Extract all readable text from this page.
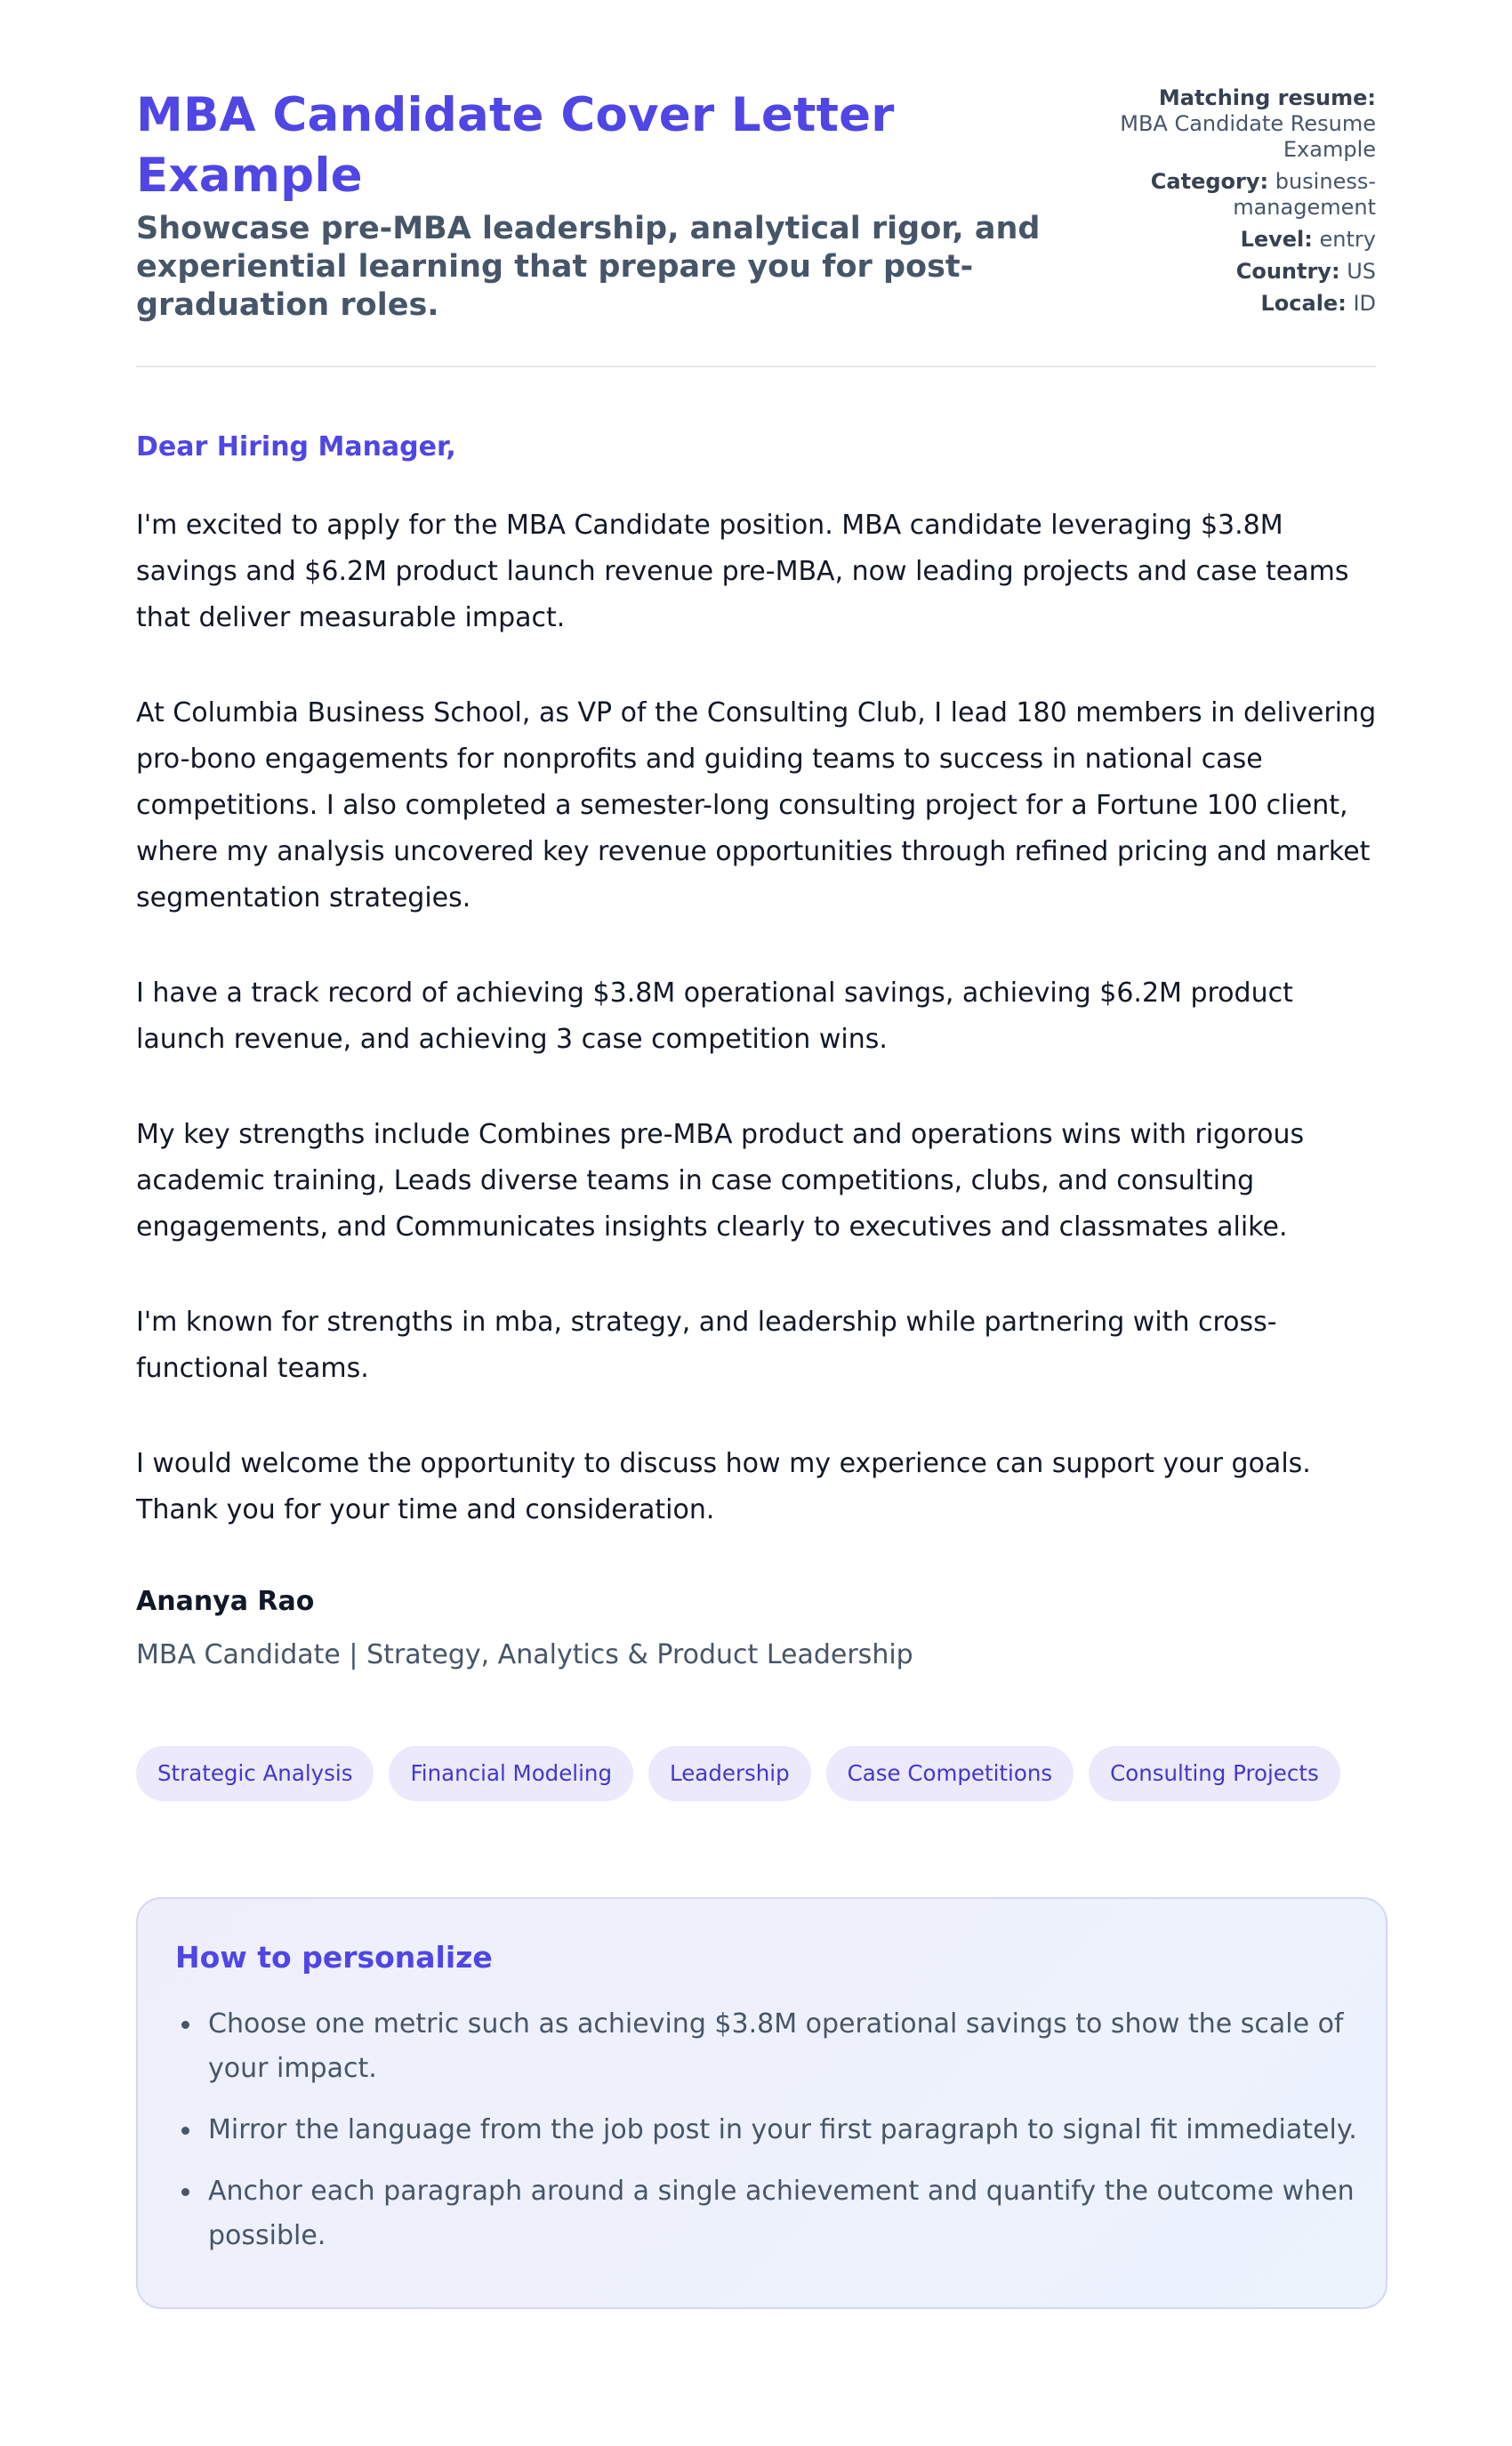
MBA Candidate Cover Letter Example
Showcase pre-MBA leadership, analytical rigor, and experiential learning that prepare you for post-graduation roles.
Matching resume: MBA Candidate Resume Example
Category: business-management
Level: entry
Country: US
Locale: ID

Dear Hiring Manager,

I'm excited to apply for the MBA Candidate position. MBA candidate leveraging $3.8M savings and $6.2M product launch revenue pre-MBA, now leading projects and case teams that deliver measurable impact.

At Columbia Business School, as VP of the Consulting Club, I lead 180 members in delivering pro-bono engagements for nonprofits and guiding teams to success in national case competitions. I also completed a semester-long consulting project for a Fortune 100 client, where my analysis uncovered key revenue opportunities through refined pricing and market segmentation strategies.

I have a track record of achieving $3.8M operational savings, achieving $6.2M product launch revenue, and achieving 3 case competition wins.

My key strengths include Combines pre-MBA product and operations wins with rigorous academic training, Leads diverse teams in case competitions, clubs, and consulting engagements, and Communicates insights clearly to executives and classmates alike.

I'm known for strengths in mba, strategy, and leadership while partnering with cross-functional teams.

I would welcome the opportunity to discuss how my experience can support your goals. Thank you for your time and consideration.

Ananya Rao

MBA Candidate | Strategy, Analytics & Product Leadership

Strategic Analysis	Financial Modeling	Leadership	Case Competitions	Consulting Projects
How to personalize
Choose one metric such as achieving $3.8M operational savings to show the scale of your impact.
Mirror the language from the job post in your first paragraph to signal fit immediately.
Anchor each paragraph around a single achievement and quantify the outcome when possible.
